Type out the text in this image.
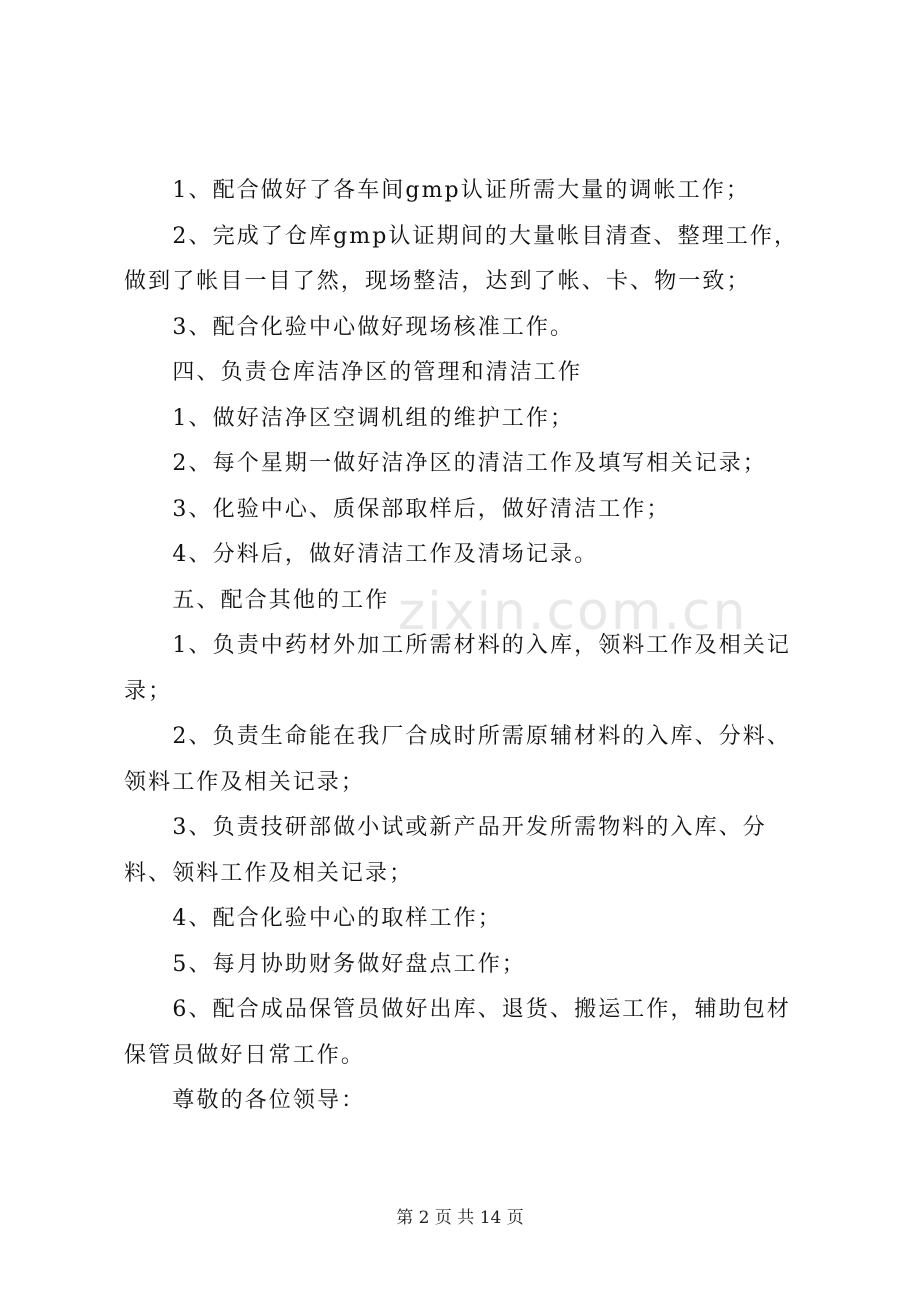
zixin.com.cn

1、配合做好了各车间gmp认证所需大量的调帐工作；

2、完成了仓库gmp认证期间的大量帐目清查、整理工作，做到了帐目一目了然，现场整洁，达到了帐、卡、物一致；

3、配合化验中心做好现场核准工作。

四、负责仓库洁净区的管理和清洁工作

1、做好洁净区空调机组的维护工作；

2、每个星期一做好洁净区的清洁工作及填写相关记录；

3、化验中心、质保部取样后，做好清洁工作；

4、分料后，做好清洁工作及清场记录。

五、配合其他的工作

1、负责中药材外加工所需材料的入库，领料工作及相关记录；

2、负责生命能在我厂合成时所需原辅材料的入库、分料、领料工作及相关记录；

3、负责技研部做小试或新产品开发所需物料的入库、分料、领料工作及相关记录；

4、配合化验中心的取样工作；

5、每月协助财务做好盘点工作；

6、配合成品保管员做好出库、退货、搬运工作，辅助包材保管员做好日常工作。

尊敬的各位领导：

第 2 页 共 14 页
